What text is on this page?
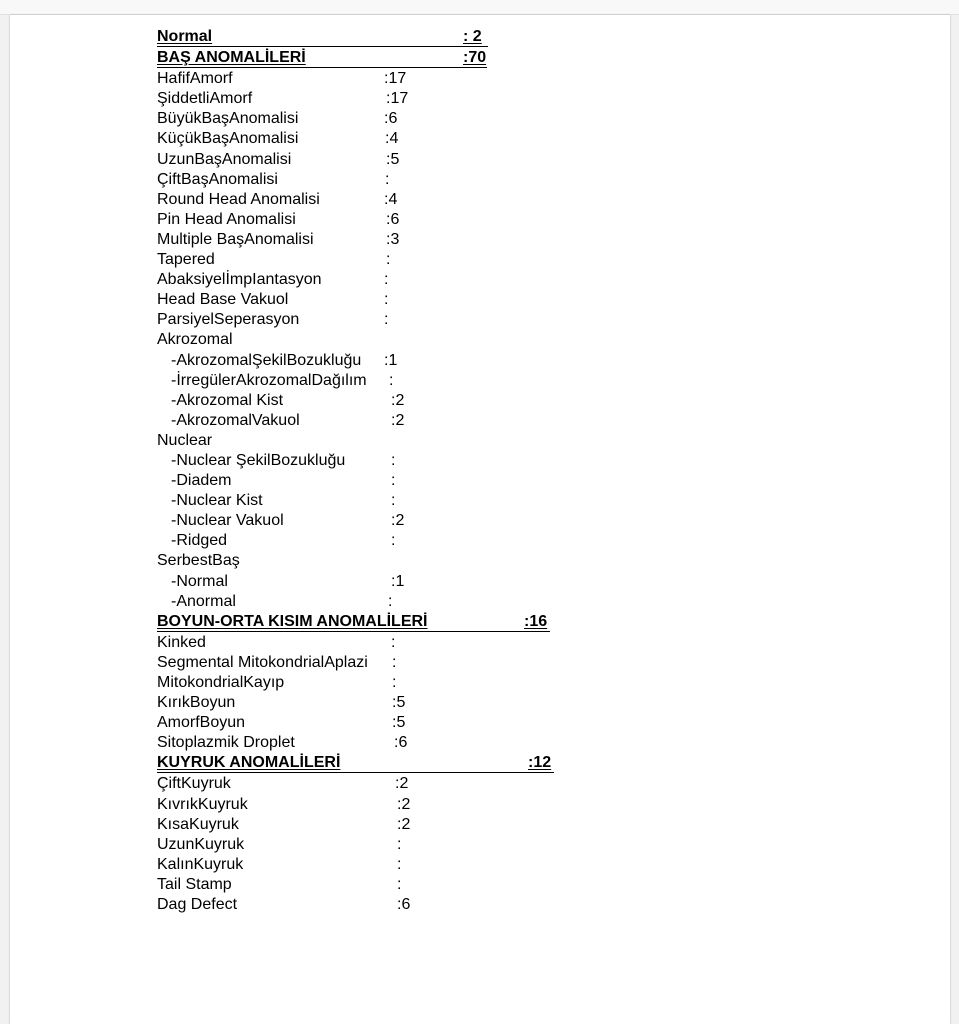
Normal	: 2
BAŞ ANOMALİLERİ	:70
HafifAmorf	:17
ŞiddetliAmorf	:17
BüyükBaşAnomalisi	:6
KüçükBaşAnomalisi	:4
UzunBaşAnomalisi	:5
ÇiftBaşAnomalisi	:
Round Head Anomalisi	:4
Pin Head Anomalisi	:6
Multiple BaşAnomalisi	:3
Tapered	:
AbaksiyelİmpIantasyon	:
Head Base Vakuol	:
ParsiyelSeperasyon	:
Akrozomal
-AkrozomalŞekilBozukluğu :1
-İrregülerAkrozomalDağılım :
-Akrozomal Kist	:2
-AkrozomalVakuol	:2
Nuclear
-Nuclear ŞekilBozukluğu	:
-Diadem	:
-Nuclear Kist	:
-Nuclear Vakuol	:2
-Ridged	:
SerbestBaş
-Normal	:1
-Anormal	:
BOYUN-ORTA KISIM ANOMALİLERİ	:16
Kinked	:
Segmental MitokondrialAplazi :
MitokondrialKayıp	:
KırıkBoyun	:5
AmorfBoyun	:5
Sitoplazmik Droplet	:6
KUYRUK ANOMALİLERİ	:12
ÇiftKuyruk	:2
KıvrıkKuyruk	:2
KısaKuyruk	:2
UzunKuyruk	:
KalınKuyruk	:
Tail Stamp	:
Dag Defect	:6
